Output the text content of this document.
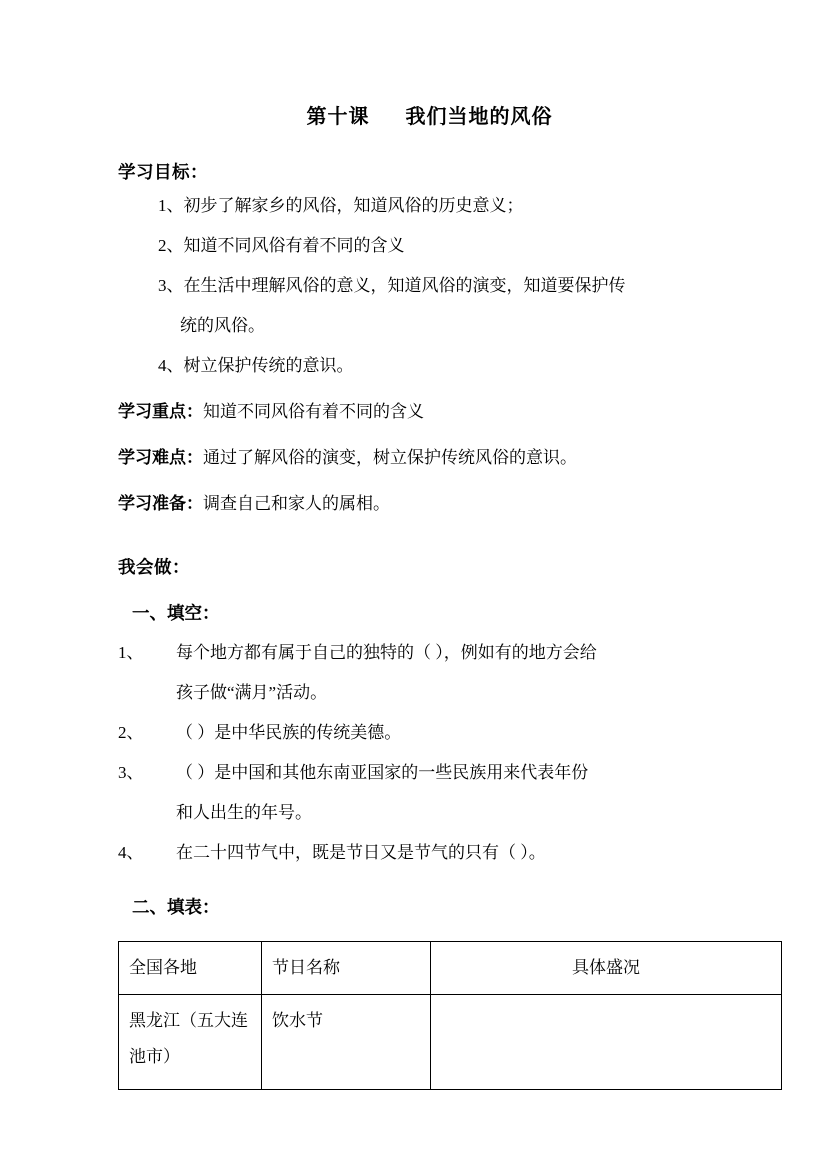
第十课 我们当地的风俗
学习目标：
1、初步了解家乡的风俗，知道风俗的历史意义；
2、知道不同风俗有着不同的含义
3、在生活中理解风俗的意义，知道风俗的演变，知道要保护传
统的风俗。
4、树立保护传统的意识。
学习重点：知道不同风俗有着不同的含义
学习难点：通过了解风俗的演变，树立保护传统风俗的意识。
学习准备：调查自己和家人的属相。
我会做：
一、填空：
1、	每个地方都有属于自己的独特的（ ），例如有的地方会给
孩子做“满月”活动。
2、	（ ）是中华民族的传统美德。
3、	（ ）是中国和其他东南亚国家的一些民族用来代表年份
和人出生的年号。
4、	在二十四节气中，既是节日又是节气的只有（ ）。
二、填表：
全国各地	节日名称	具体盛况
黑龙江（五大连池市）	饮水节	
